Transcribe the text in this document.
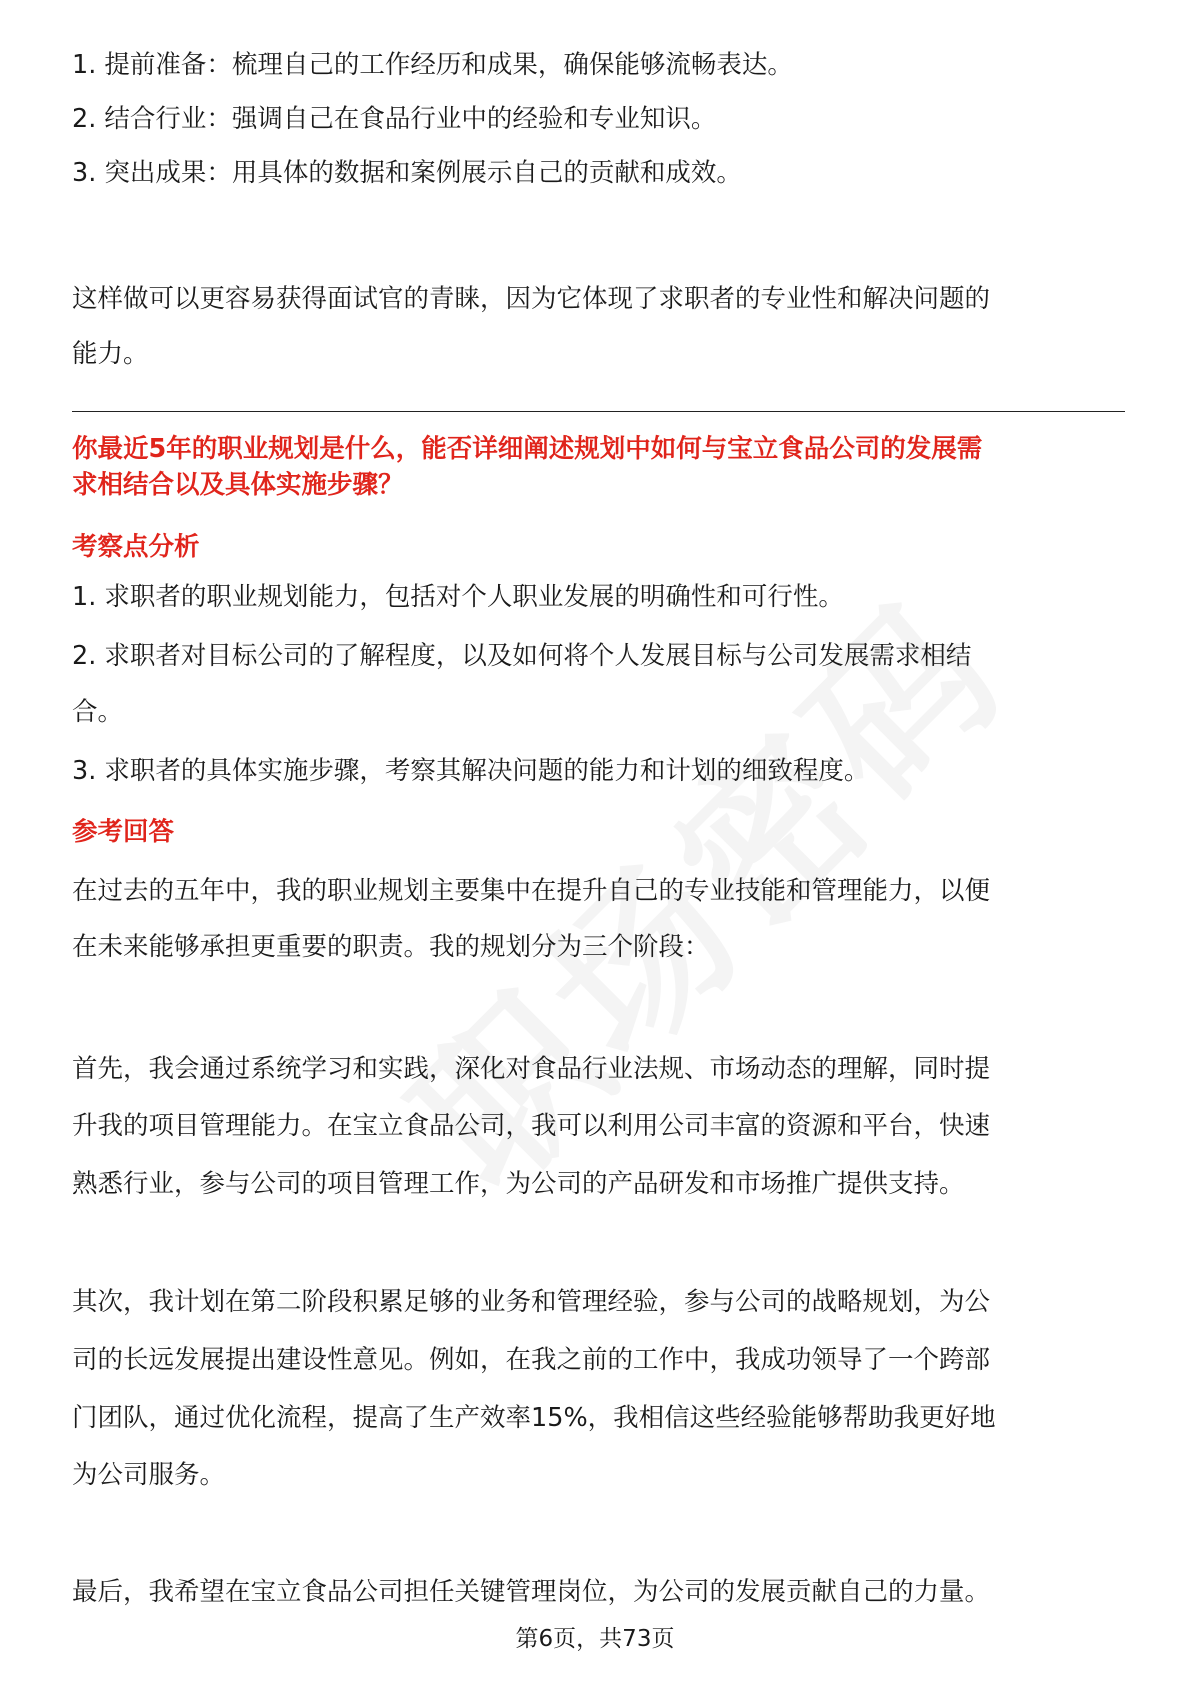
1. 提前准备：梳理自己的工作经历和成果，确保能够流畅表达。
2. 结合行业：强调自己在食品行业中的经验和专业知识。
3. 突出成果：用具体的数据和案例展示自己的贡献和成效。
这样做可以更容易获得面试官的青睐，因为它体现了求职者的专业性和解决问题的
能力。
你最近5年的职业规划是什么，能否详细阐述规划中如何与宝立食品公司的发展需
求相结合以及具体实施步骤？
考察点分析
1. 求职者的职业规划能力，包括对个人职业发展的明确性和可行性。
2. 求职者对目标公司的了解程度，以及如何将个人发展目标与公司发展需求相结
合。
3. 求职者的具体实施步骤，考察其解决问题的能力和计划的细致程度。
参考回答
在过去的五年中，我的职业规划主要集中在提升自己的专业技能和管理能力，以便
在未来能够承担更重要的职责。我的规划分为三个阶段：
首先，我会通过系统学习和实践，深化对食品行业法规、市场动态的理解，同时提
升我的项目管理能力。在宝立食品公司，我可以利用公司丰富的资源和平台，快速
熟悉行业，参与公司的项目管理工作，为公司的产品研发和市场推广提供支持。
其次，我计划在第二阶段积累足够的业务和管理经验，参与公司的战略规划，为公
司的长远发展提出建设性意见。例如，在我之前的工作中，我成功领导了一个跨部
门团队，通过优化流程，提高了生产效率15%，我相信这些经验能够帮助我更好地
为公司服务。
最后，我希望在宝立食品公司担任关键管理岗位，为公司的发展贡献自己的力量。
第6页，共73页
